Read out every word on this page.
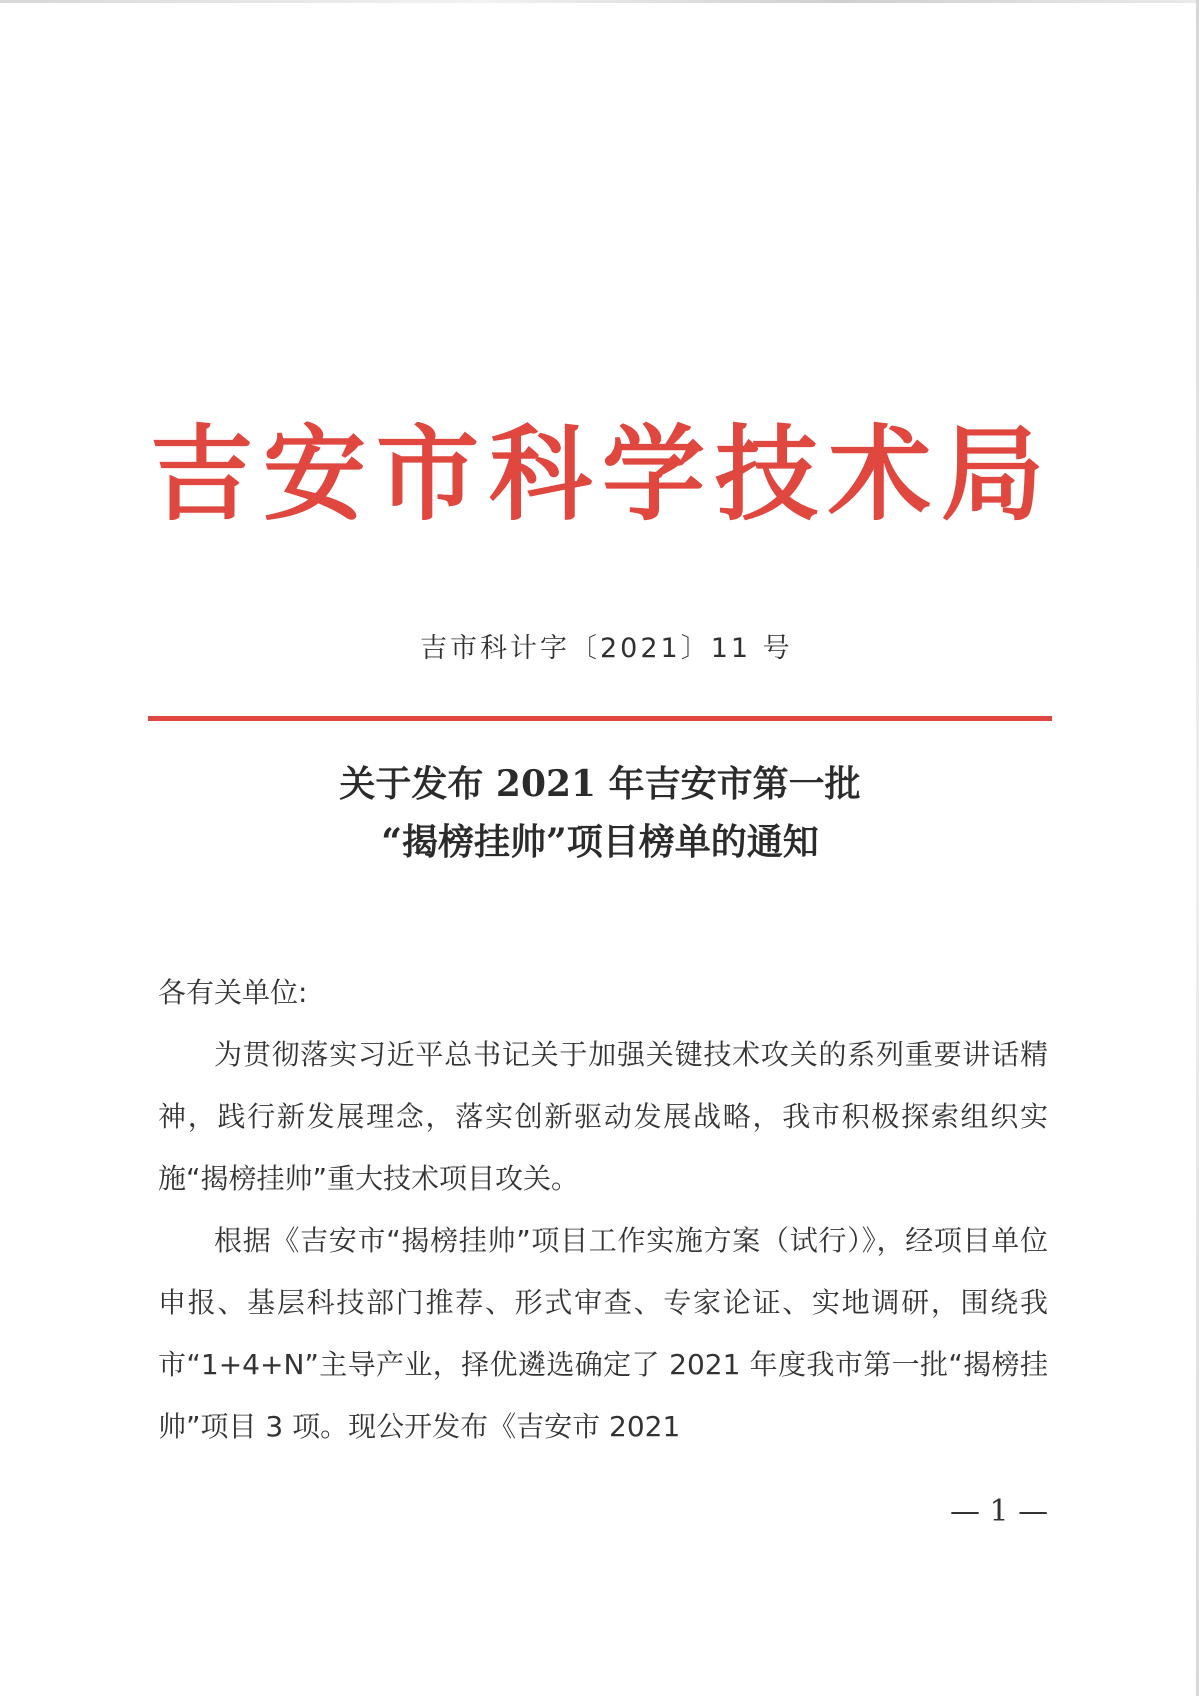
吉安市科学技术局
吉市科计字〔2021〕11 号
关于发布 2021 年吉安市第一批
“揭榜挂帅”项目榜单的通知

各有关单位:

为贯彻落实习近平总书记关于加强关键技术攻关的系列重要讲话精神，践行新发展理念，落实创新驱动发展战略，我市积极探索组织实施“揭榜挂帅”重大技术项目攻关。

根据《吉安市“揭榜挂帅”项目工作实施方案（试行）》，经项目单位申报、基层科技部门推荐、形式审查、专家论证、实地调研，围绕我市“1+4+N”主导产业，择优遴选确定了 2021 年度我市第一批“揭榜挂帅”项目 3 项。现公开发布《吉安市 2021

— 1 —
